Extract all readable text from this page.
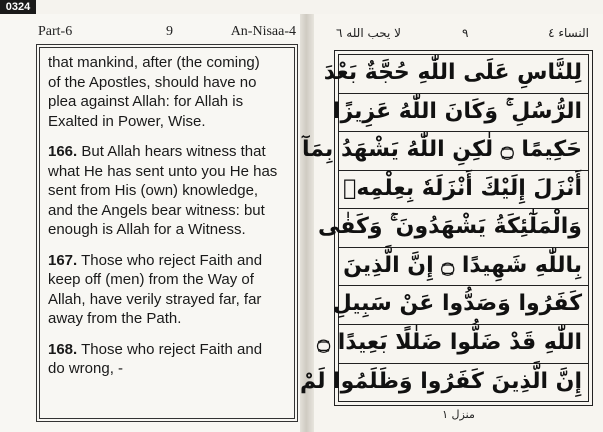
0324
Part-6	9	An-Nisaa-4

that mankind, after (the coming)
of the Apostles, should have no
plea against Allah: for Allah is
Exalted in Power, Wise.

166. But Allah hears witness that
what He has sent unto you He has
sent from His (own) knowledge,
and the Angels bear witness: but
enough is Allah for a Witness.

167. Those who reject Faith and
keep off (men) from the Way of
Allah, have verily strayed far, far
away from the Path.

168. Those who reject Faith and
do wrong, -

لا يحب الله ٦	٩	النساء ٤
لِلنَّاسِ عَلَى اللّٰهِ حُجَّةٌ بَعْدَ
الرُّسُلِ ۚ وَكَانَ اللّٰهُ عَزِيزًا
حَكِيمًا ۝ لٰكِنِ اللّٰهُ يَشْهَدُ بِمَآ
أَنْزَلَ إِلَيْكَ أَنْزَلَهٗ بِعِلْمِهٖ
وَالْمَلٰٓئِكَةُ يَشْهَدُونَ ۚ وَكَفٰى
بِاللّٰهِ شَهِيدًا ۝ إِنَّ الَّذِينَ
كَفَرُوا وَصَدُّوا عَنْ سَبِيلِ
اللّٰهِ قَدْ ضَلُّوا ضَلٰلًا بَعِيدًا ۝
إِنَّ الَّذِينَ كَفَرُوا وَظَلَمُوا لَمْ
منزل ١
